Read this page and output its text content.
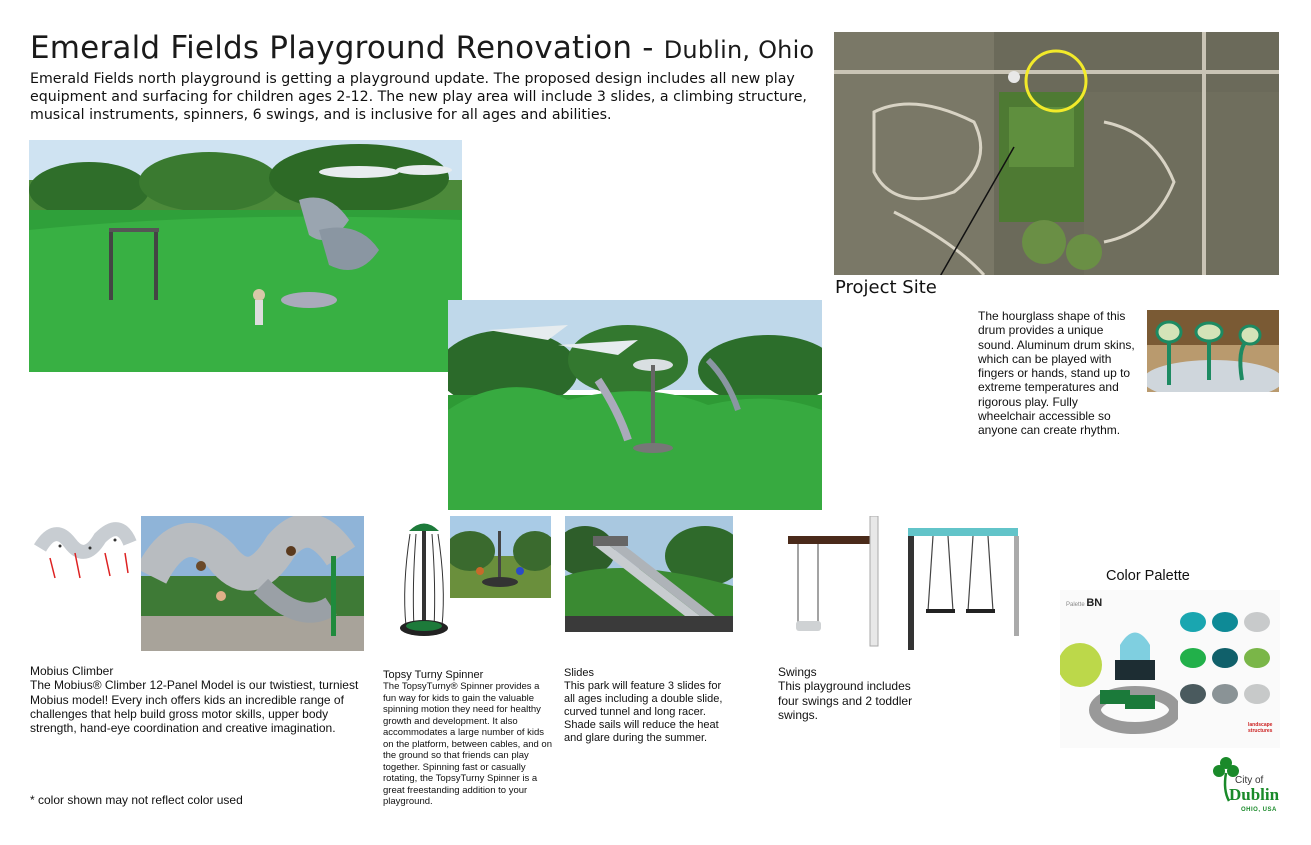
Emerald Fields Playground Renovation - Dublin, Ohio
Emerald Fields north playground is getting a playground update. The proposed design includes all new play equipment and surfacing for children ages 2-12. The new play area will include 3 slides, a climbing structure, musical instruments, spinners, 6 swings, and is inclusive for all ages and abilities.
Project Site
The hourglass shape of this drum provides a unique sound. Aluminum drum skins, which can be played with fingers or hands, stand up to extreme temperatures and rigorous play. Fully wheelchair accessible so anyone can create rhythm.
Mobius Climber
The Mobius® Climber 12-Panel Model is our twistiest, turniest Mobius model! Every inch offers kids an incredible range of challenges that help build gross motor skills, upper body strength, hand-eye coordination and creative imagination.
Topsy Turny Spinner
The TopsyTurny® Spinner provides a fun way for kids to gain the valuable spinning motion they need for healthy growth and development. It also accommodates a large number of kids on the platform, between cables, and on the ground so that friends can play together. Spinning fast or casually rotating, the TopsyTurny Spinner is a great freestanding addition to your playground.
Slides
This park will feature 3 slides for all ages including a double slide, curved tunnel and long racer. Shade sails will reduce the heat and glare during the summer.
Swings
This playground includes four swings and 2 toddler swings.
Color Palette
Palette BN
landscape structures
* color shown may not reflect color used
City of
Dublin
OHIO, USA
